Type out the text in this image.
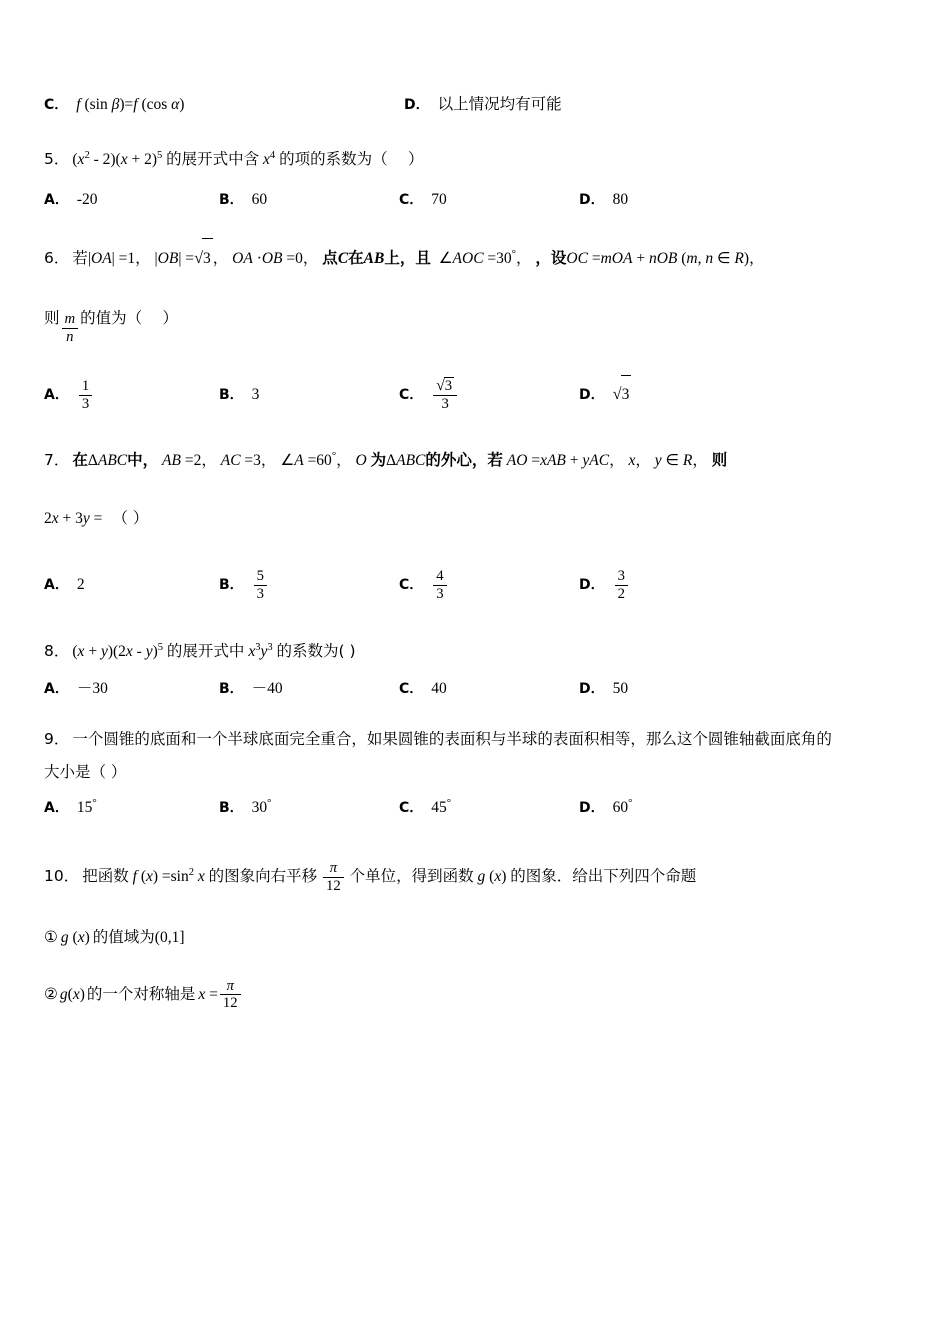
C． f (sin β)=f (cos α)	D． 以上情况均有可能
5． $(x^2 - 2)(x + 2)^5$ 的展开式中含 $x^4$ 的项的系数为（ ）
A． -20	B． 60	C． 70	D． 80
6． 若|OA| =1， |OB| =√3 ， OA ·OB =0， 点C在AB上，且  ∠AOC =30°， ，设OC =mOA + nOB (m, n ∈ R)，
则 $\frac{m}{n}$ 的值为（
）
A． $\frac{1}{3}$	B． 3	C． $\frac{√3}{3}$	D． √3
7． 在ΔABC中， AB =2， AC =3， ∠A =60°， O 为ΔABC的外心，若 AO =xAB + yAC， x， y ∈ R， 则
2x + 3y = （ ）
A． 2	B． $\frac{5}{3}$	C． $\frac{4}{3}$	D． $\frac{3}{2}$
8． (x + y)(2x - y)$^5$ 的展开式中 $x^3y^3$ 的系数为( )
A． －30	B． －40	C． 40	D． 50
9． 一个圆锥的底面和一个半球底面完全重合，如果圆锥的表面积与半球的表面积相等，那么这个圆锥轴截面底角的
大小是（ ）
A． 15°	B． 30°	C． 45°	D． 60°
10． 把函数 f $(x) =\sin^2$ x 的图象向右平移 $\frac{\pi}{12}$ 个单位，得到函数 g (x) 的图象．给出下列四个命题
① g (x) 的值域为 (0,1]
② g(x) 的一个对称轴是 $x = \frac{\pi}{12}$
